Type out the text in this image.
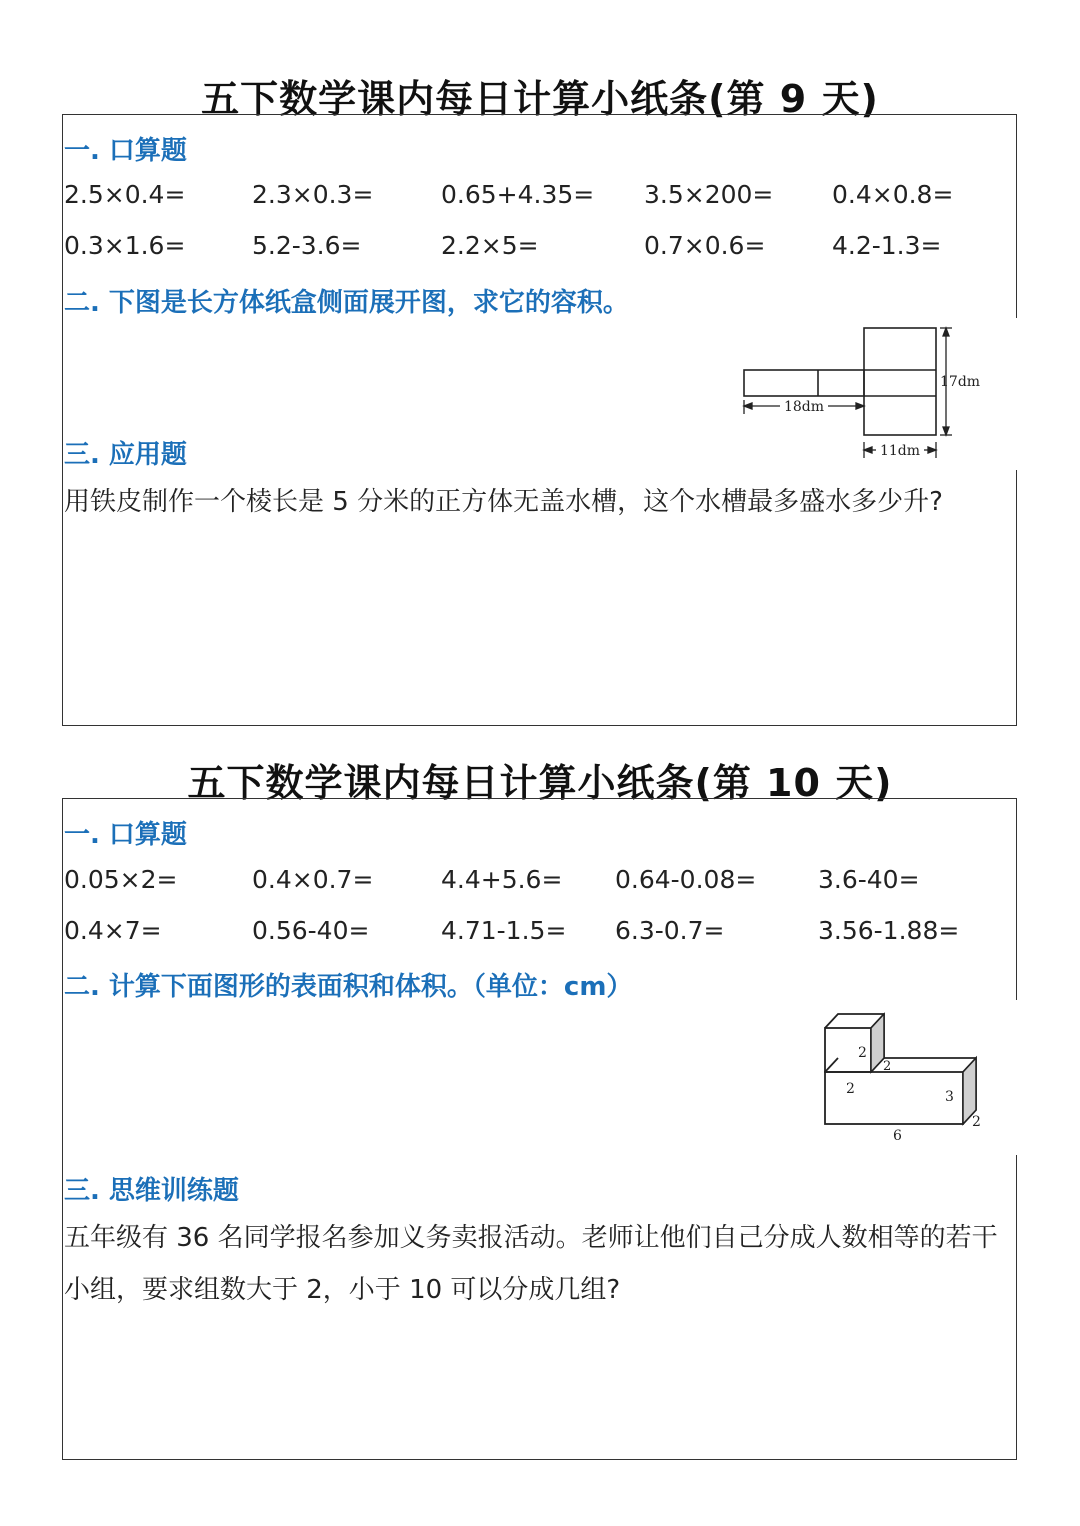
五下数学课内每日计算小纸条(第 9 天)
一. 口算题
2.5×0.4=	2.3×0.3=	0.65+4.35= 3.5×200= 0.4×0.8=
0.3×1.6=	5.2-3.6=	2.2×5=	0.7×0.6=	4.2-1.3=
二. 下图是长方体纸盒侧面展开图，求它的容积。
18dm
17dm
11dm
三. 应用题

用铁皮制作一个棱长是 5 分米的正方体无盖水槽，这个水槽最多盛水多少升?

五下数学课内每日计算小纸条(第 10 天)
一. 口算题
0.05×2=	0.4×0.7=	4.4+5.6= 0.64-0.08= 3.6-40=
0.4×7=	0.56-40=	4.71-1.5= 6.3-0.7=	3.56-1.88=
二. 计算下面图形的表面积和体积。（单位：cm）
2
2
2	3
2
6
三. 思维训练题

五年级有 36 名同学报名参加义务卖报活动。老师让他们自己分成人数相等的若干小组，要求组数大于 2，小于 10 可以分成几组?
